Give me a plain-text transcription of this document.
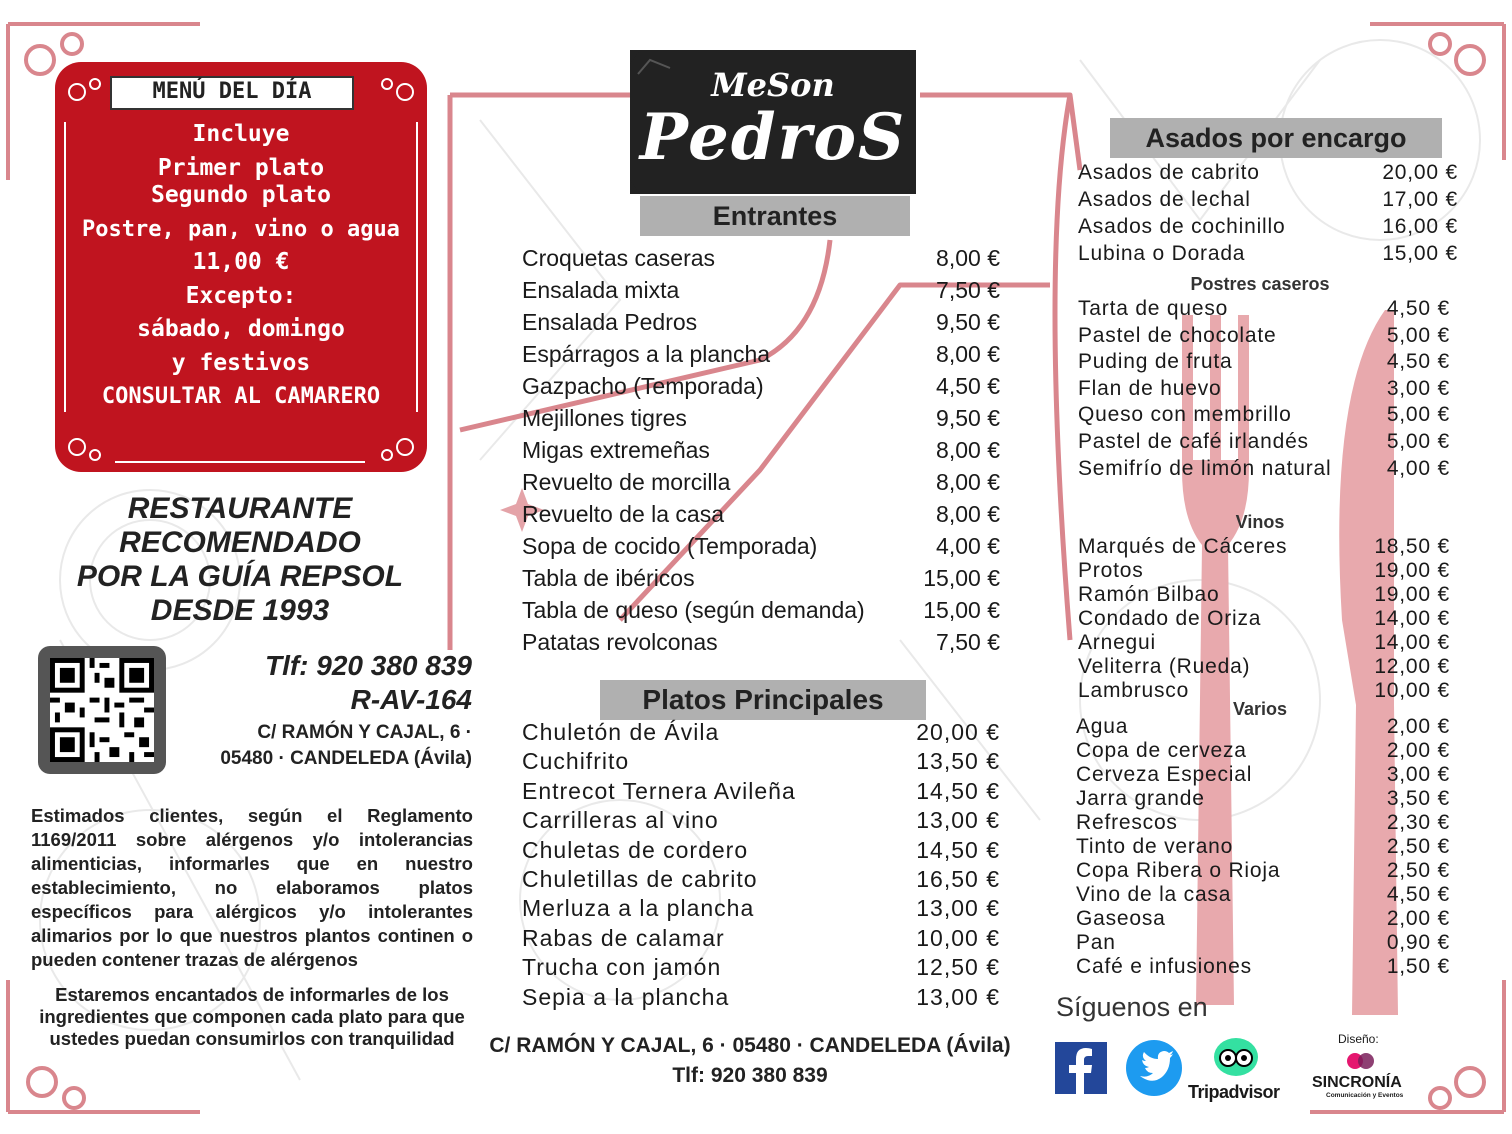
MENÚ DEL DÍA
Incluye
Primer plato
Segundo plato
Postre, pan, vino o agua
11,00 €
Excepto:
sábado, domingo
y festivos
CONSULTAR AL CAMARERO
RESTAURANTE
RECOMENDADO
POR LA GUÍA REPSOL
DESDE 1993
Tlf: 920 380 839
R-AV-164
C/ RAMÓN Y CAJAL, 6 ·
05480 · CANDELEDA (Ávila)
Estimados clientes, según el Reglamento 1169/2011 sobre alérgenos y/o intolerancias alimenticias, informarles que en nuestro establecimiento, no elaboramos platos específicos para alérgicos y/o intolerantes alimarios por lo que nuestros plantos continen o pueden contener trazas de alérgenos
Estaremos encantados de informarles de los ingredientes que componen cada plato para que ustedes puedan consumirlos con tranquilidad
MeSon
PedroS
Entrantes
Croquetas caseras	8,00 €
Ensalada mixta	7,50 €
Ensalada Pedros	9,50 €
Espárragos a la plancha	8,00 €
Gazpacho (Temporada)	4,50 €
Mejillones tigres	9,50 €
Migas extremeñas	8,00 €
Revuelto de morcilla	8,00 €
Revuelto de la casa	8,00 €
Sopa de cocido (Temporada)	4,00 €
Tabla de ibéricos	15,00 €
Tabla de queso (según demanda)	15,00 €
Patatas revolconas	7,50 €
Platos Principales
Chuletón de Ávila	20,00 €
Cuchifrito	13,50 €
Entrecot Ternera Avileña	14,50 €
Carrilleras al vino	13,00 €
Chuletas de cordero	14,50 €
Chuletillas de cabrito	16,50 €
Merluza a la plancha	13,00 €
Rabas de calamar	10,00 €
Trucha con jamón	12,50 €
Sepia a la plancha	13,00 €
C/ RAMÓN Y CAJAL, 6 · 05480 · CANDELEDA (Ávila)
Tlf: 920 380 839
Asados por encargo
Asados de cabrito	20,00 €
Asados de lechal	17,00 €
Asados de cochinillo	16,00 €
Lubina o Dorada	15,00 €
Postres caseros
Tarta de queso	4,50 €
Pastel de chocolate	5,00 €
Puding de fruta	4,50 €
Flan de huevo	3,00 €
Queso con membrillo	5,00 €
Pastel de café irlandés	5,00 €
Semifrío de limón natural	4,00 €
Vinos
Marqués de Cáceres	18,50 €
Protos	19,00 €
Ramón Bilbao	19,00 €
Condado de Oriza	14,00 €
Arnegui	14,00 €
Veliterra (Rueda)	12,00 €
Lambrusco	10,00 €
Varios
Agua	2,00 €
Copa de cerveza	2,00 €
Cerveza Especial	3,00 €
Jarra grande	3,50 €
Refrescos	2,30 €
Tinto de verano	2,50 €
Copa Ribera o Rioja	2,50 €
Vino de la casa	4,50 €
Gaseosa	2,00 €
Pan	0,90 €
Café e infusiones	1,50 €
Síguenos en
Tripadvisor
Diseño:
SINCRONÍA
Comunicación y Eventos
